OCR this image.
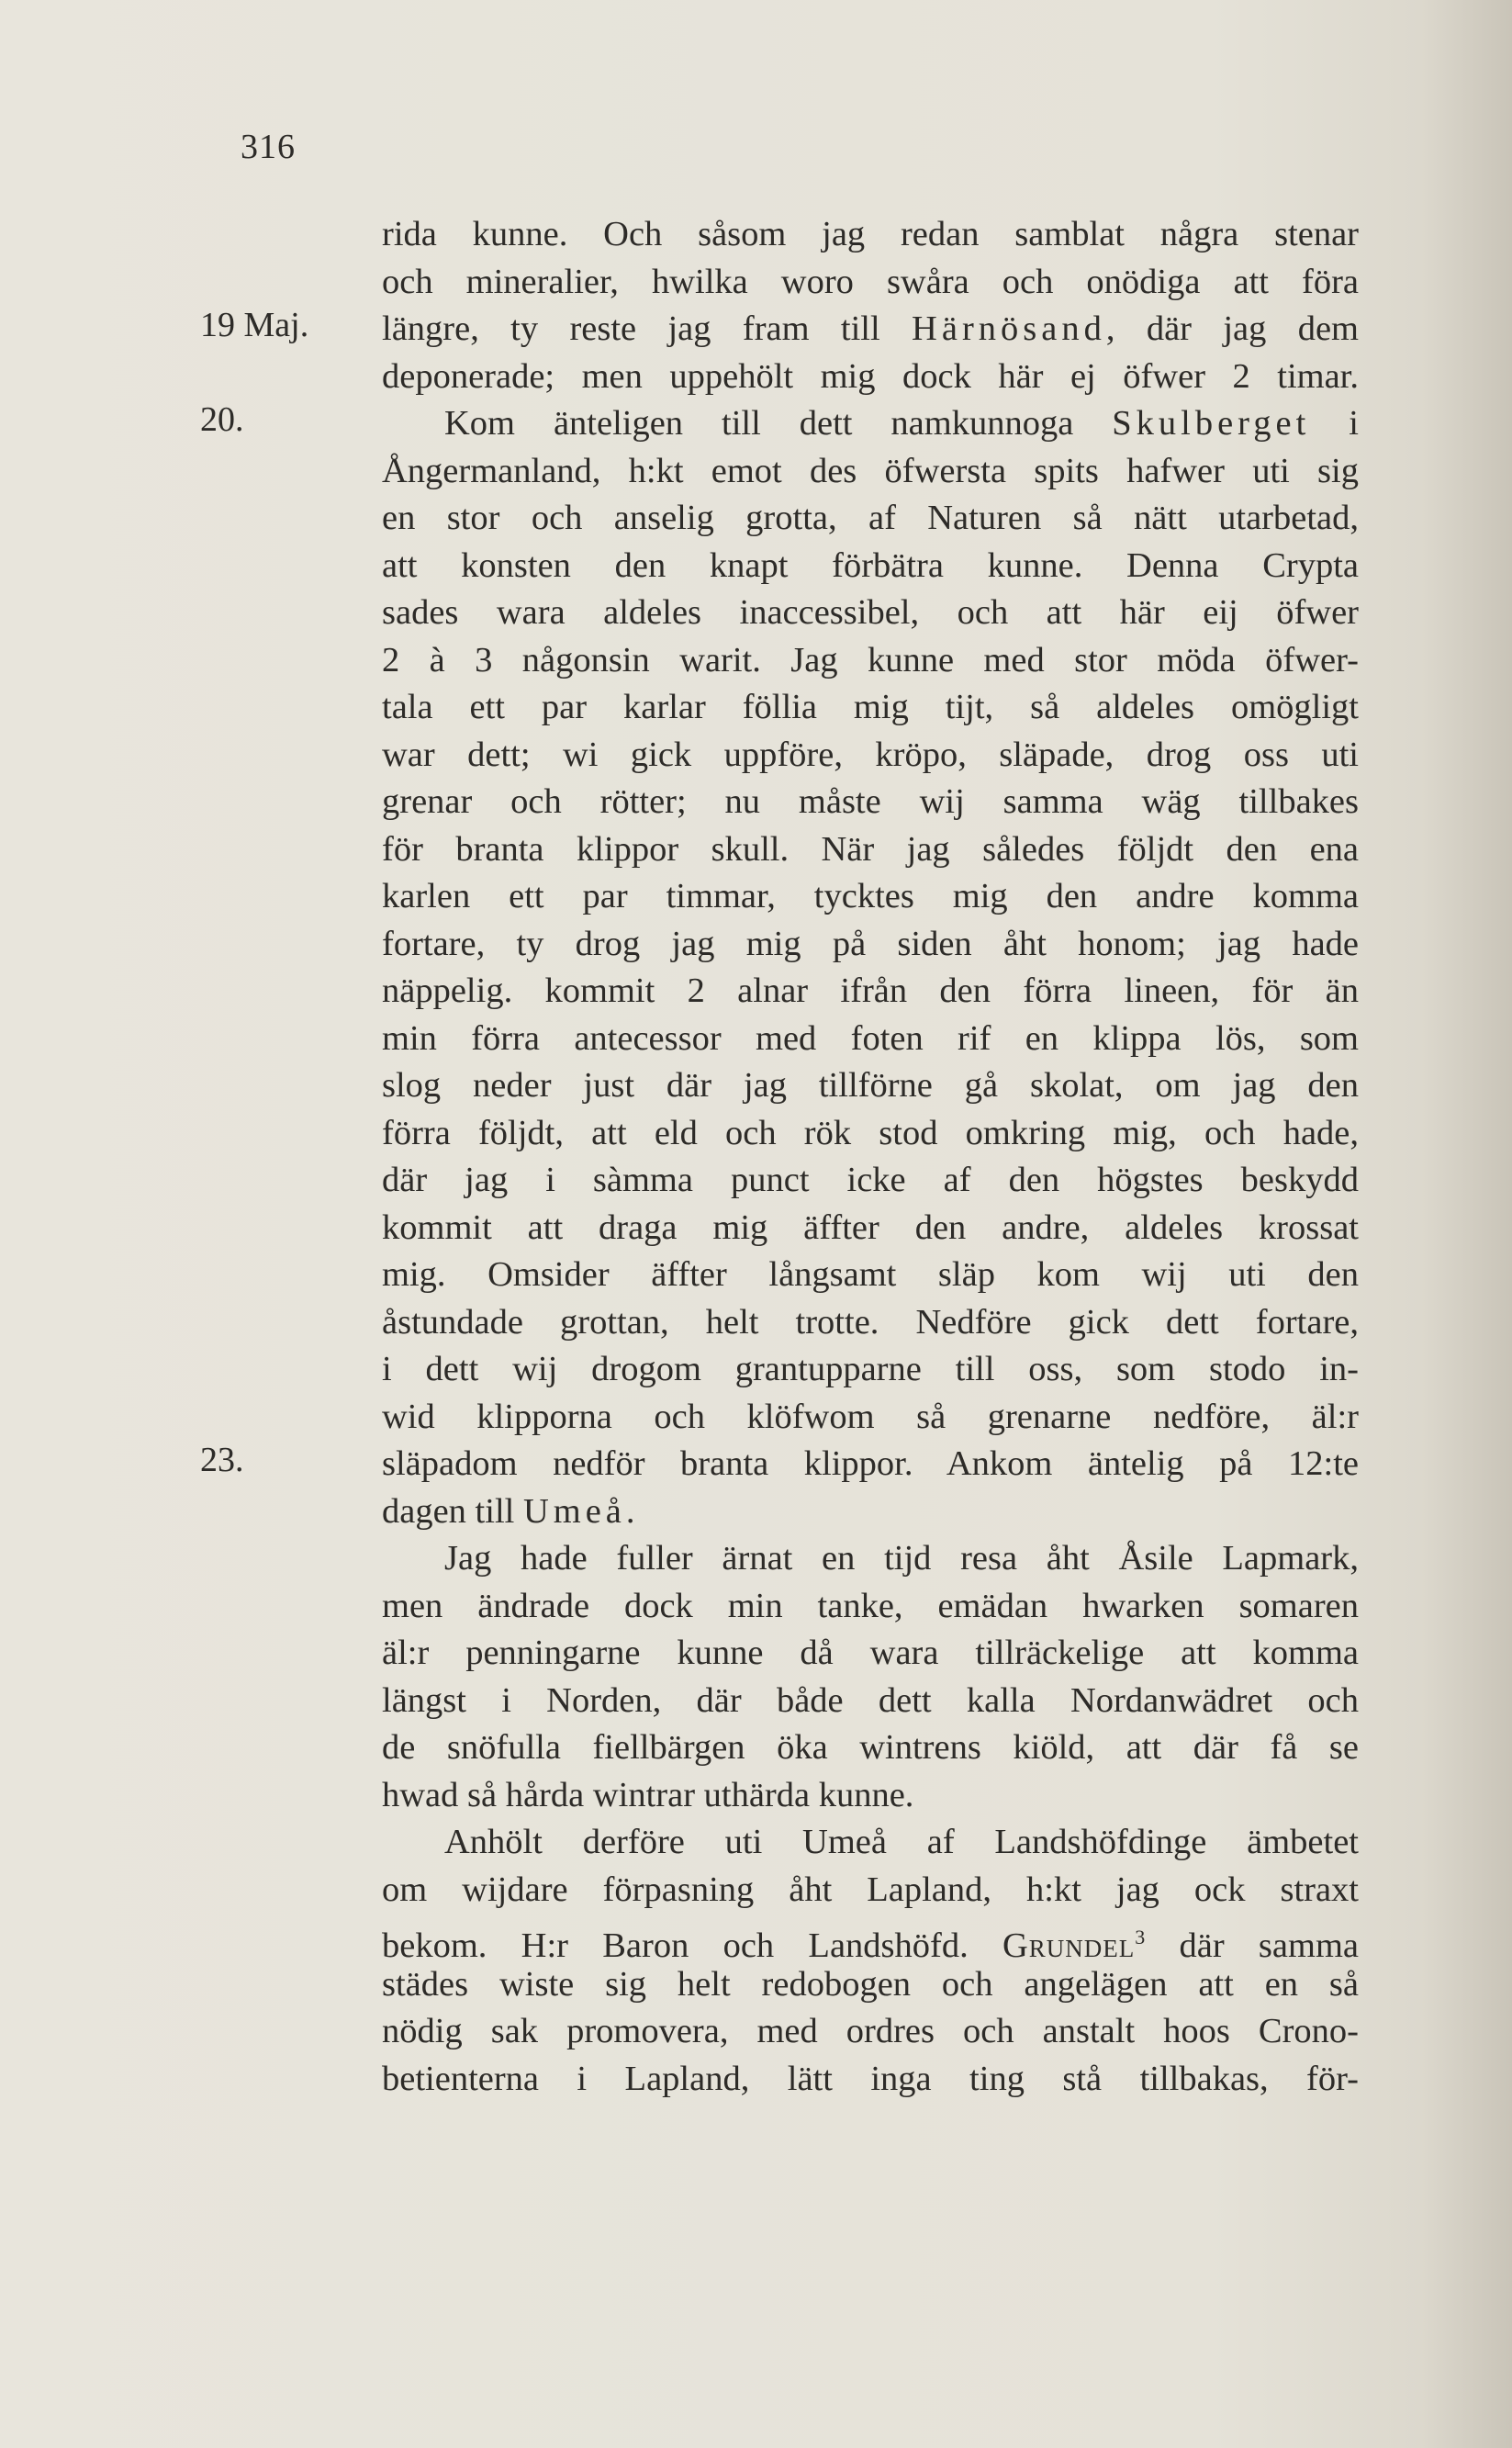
316
19 Maj.
20.
23.
rida kunne. Och såsom jag redan samblat några stenar
och mineralier, hwilka woro swåra och onödiga att föra
längre, ty reste jag fram till Härnösand, där jag dem
deponerade; men uppehölt mig dock här ej öfwer 2 timar.
Kom änteligen till dett namkunnoga Skulberget i
Ångermanland, h:kt emot des öfwersta spits hafwer uti sig
en stor och anselig grotta, af Naturen så nätt utarbetad,
att konsten den knapt förbätra kunne. Denna Crypta
sades wara aldeles inaccessibel, och att här eij öfwer
2 à 3 någonsin warit. Jag kunne med stor möda öfwer-
tala ett par karlar föllia mig tijt, så aldeles omögligt
war dett; wi gick uppföre, kröpo, släpade, drog oss uti
grenar och rötter; nu måste wij samma wäg tillbakes
för branta klippor skull. När jag således följdt den ena
karlen ett par timmar, tycktes mig den andre komma
fortare, ty drog jag mig på siden åht honom; jag hade
näppelig. kommit 2 alnar ifrån den förra lineen, för än
min förra antecessor med foten rif en klippa lös, som
slog neder just där jag tillförne gå skolat, om jag den
förra följdt, att eld och rök stod omkring mig, och hade,
där jag i sàmma punct icke af den högstes beskydd
kommit att draga mig äffter den andre, aldeles krossat
mig. Omsider äffter långsamt släp kom wij uti den
åstundade grottan, helt trotte. Nedföre gick dett fortare,
i dett wij drogom grantupparne till oss, som stodo in-
wid klipporna och klöfwom så grenarne nedföre, äl:r
släpadom nedför branta klippor. Ankom äntelig på 12:te
dagen till Umeå.
Jag hade fuller ärnat en tijd resa åht Åsile Lapmark,
men ändrade dock min tanke, emädan hwarken somaren
äl:r penningarne kunne då wara tillräckelige att komma
längst i Norden, där både dett kalla Nordanwädret och
de snöfulla fiellbärgen öka wintrens kiöld, att där få se
hwad så hårda wintrar uthärda kunne.
Anhölt derföre uti Umeå af Landshöfdinge ämbetet
om wijdare förpasning åht Lapland, h:kt jag ock straxt
bekom. H:r Baron och Landshöfd. Grundel$^3$ där samma
städes wiste sig helt redobogen och angelägen att en så
nödig sak promovera, med ordres och anstalt hoos Crono-
betienterna i Lapland, lätt inga ting stå tillbakas, för-
